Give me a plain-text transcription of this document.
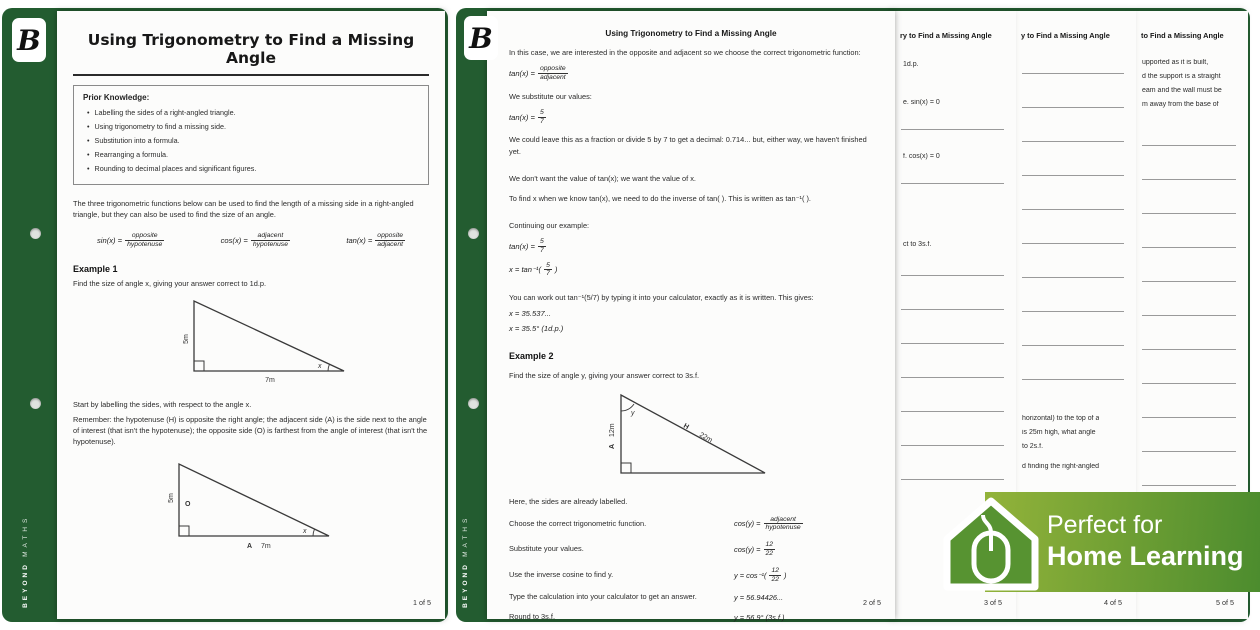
B
BEYOND MATHS
Using Trigonometry to Find a Missing Angle
Prior Knowledge:
• Labelling the sides of a right-angled triangle.
• Using trigonometry to find a missing side.
• Substitution into a formula.
• Rearranging a formula.
• Rounding to decimal places and significant figures.

The three trigonometric functions below can be used to find the length of a missing side in a right-angled triangle, but they can also be used to find the size of an angle.

$\sin(x) = \frac{\text{opposite}}{\text{hypotenuse}}$	$\cos(x) = \frac{\text{adjacent}}{\text{hypotenuse}}$	$\tan(x) = \frac{\text{opposite}}{\text{adjacent}}$
Example 1

Find the size of angle x, giving your answer correct to 1d.p.

5m
7m
x

Start by labelling the sides, with respect to the angle x.

Remember: the hypotenuse (H) is opposite the right angle; the adjacent side (A) is the side next to the angle of interest (that isn't the hypotenuse); the opposite side (O) is farthest from the angle of interest (that isn't the hypotenuse).

5m
O
A 7m
x
1 of 5
B
BEYOND MATHS
Using Trigonometry to Find a Missing Angle

In this case, we are interested in the opposite and adjacent so we choose the correct trigonometric function:

$\tan(x) = \frac{\text{opposite}}{\text{adjacent}}$

We substitute our values:

$\tan(x) = \frac{5}{7}$

We could leave this as a fraction or divide 5 by 7 to get a decimal: 0.714... but, either way, we haven't finished yet.

We don't want the value of tan(x); we want the value of x.

To find x when we know tan(x), we need to do the inverse of tan( ). This is written as tan⁻¹( ).

Continuing our example:

$\tan(x) = \frac{5}{7}$
$x = \tan^{-1}( \frac{5}{7}$ )

You can work out tan⁻¹(5/7) by typing it into your calculator, exactly as it is written. This gives:

x = 35.537...
x = 35.5° (1d.p.)
Example 2

Find the size of angle y, giving your answer correct to 3s.f.

y
A
12m	H
22m

Here, the sides are already labelled.

Choose the correct trigonometric function.	$\cos(y) = \frac{\text{adjacent}}{\text{hypotenuse}}$
Substitute your values.	$\cos(y) = \frac{12}{22}$
Use the inverse cosine to find y.	$y = \cos^{-1}( \frac{12}{22}$ )
Type the calculation into your calculator to get an answer.	y = 56.94426...
Round to 3s.f.	y = 56.9° (3s.f.)
2 of 5
ry to Find a Missing Angle
1d.p.
e. sin(x) = 0
f. cos(x) = 0
ct to 3s.f.
3 of 5
y to Find a Missing Angle
horizontal) to the top of a
is 25m high, what angle
to 2s.f.
d finding the right-angled
4 of 5
to Find a Missing Angle
upported as it is built,
d the support is a straight
eam and the wall must be
m away from the base of
5 of 5
Perfect for
Home Learning
